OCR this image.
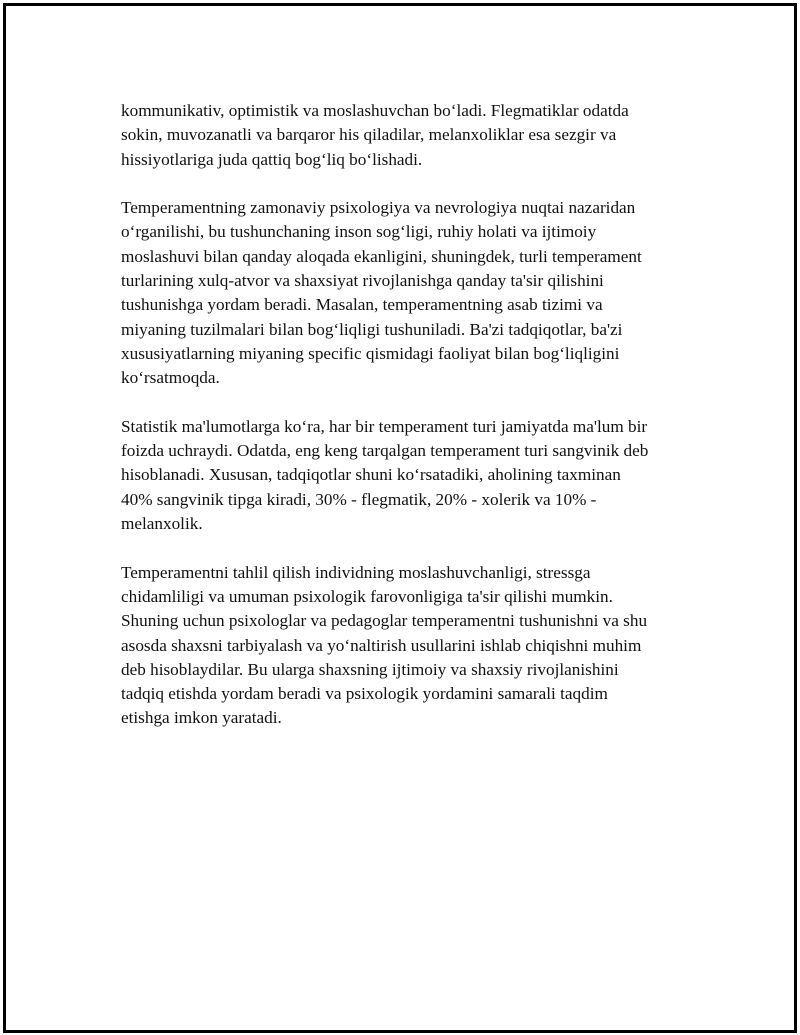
kommunikativ, optimistik va moslashuvchan bo‘ladi. Flegmatiklar odatda
sokin, muvozanatli va barqaror his qiladilar, melanxoliklar esa sezgir va
hissiyotlariga juda qattiq bog‘liq bo‘lishadi.

Temperamentning zamonaviy psixologiya va nevrologiya nuqtai nazaridan
o‘rganilishi, bu tushunchaning inson sog‘ligi, ruhiy holati va ijtimoiy
moslashuvi bilan qanday aloqada ekanligini, shuningdek, turli temperament
turlarining xulq-atvor va shaxsiyat rivojlanishga qanday ta'sir qilishini
tushunishga yordam beradi. Masalan, temperamentning asab tizimi va
miyaning tuzilmalari bilan bog‘liqligi tushuniladi. Ba'zi tadqiqotlar, ba'zi
xususiyatlarning miyaning specific qismidagi faoliyat bilan bog‘liqligini
ko‘rsatmoqda.

Statistik ma'lumotlarga ko‘ra, har bir temperament turi jamiyatda ma'lum bir
foizda uchraydi. Odatda, eng keng tarqalgan temperament turi sangvinik deb
hisoblanadi. Xususan, tadqiqotlar shuni ko‘rsatadiki, aholining taxminan
40% sangvinik tipga kiradi, 30% - flegmatik, 20% - xolerik va 10% -
melanxolik.

Temperamentni tahlil qilish individning moslashuvchanligi, stressga
chidamliligi va umuman psixologik farovonligiga ta'sir qilishi mumkin.
Shuning uchun psixologlar va pedagoglar temperamentni tushunishni va shu
asosda shaxsni tarbiyalash va yo‘naltirish usullarini ishlab chiqishni muhim
deb hisoblaydilar. Bu ularga shaxsning ijtimoiy va shaxsiy rivojlanishini
tadqiq etishda yordam beradi va psixologik yordamini samarali taqdim
etishga imkon yaratadi.
